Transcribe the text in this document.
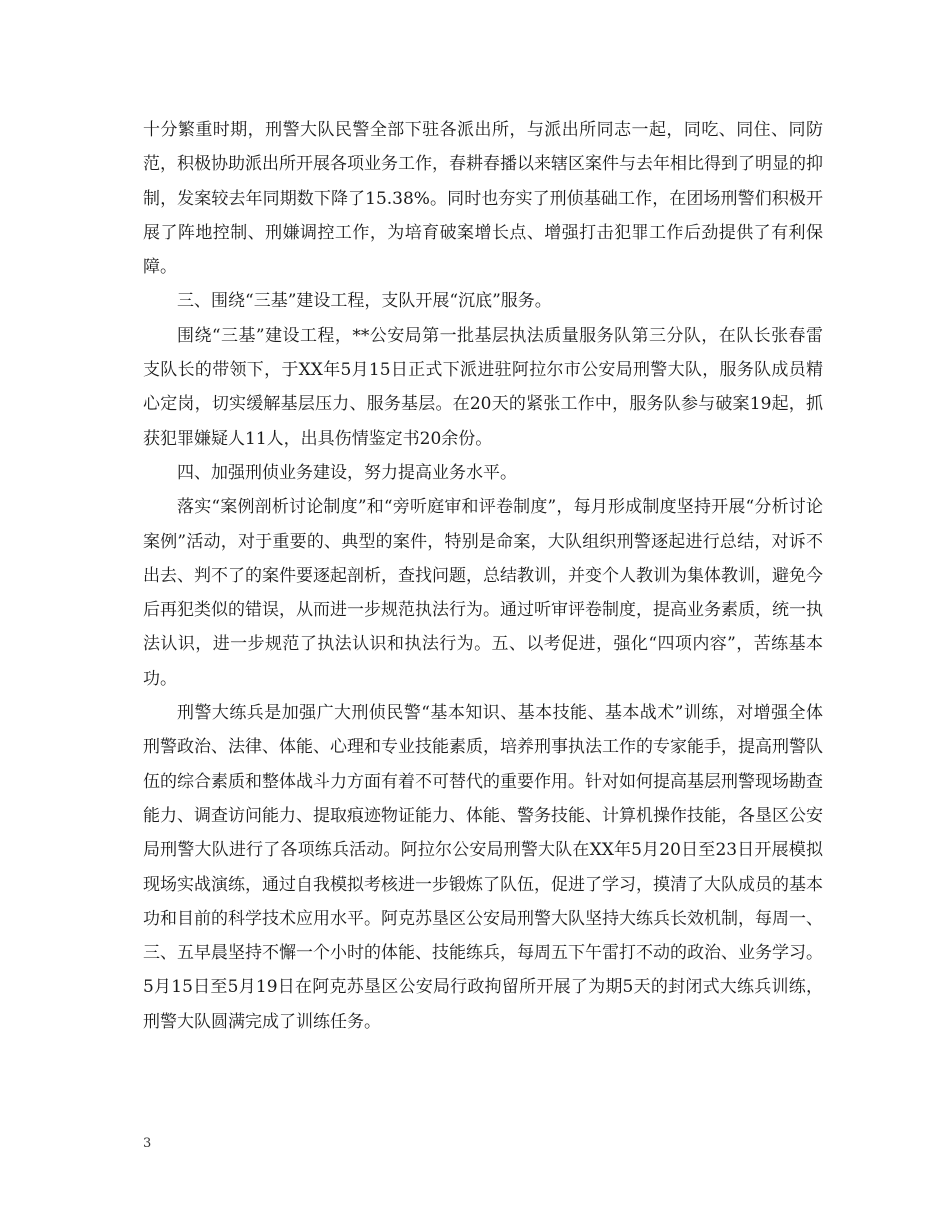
十分繁重时期，刑警大队民警全部下驻各派出所，与派出所同志一起，同吃、同住、同防范，积极协助派出所开展各项业务工作，春耕春播以来辖区案件与去年相比得到了明显的抑制，发案较去年同期数下降了15.38%。同时也夯实了刑侦基础工作，在团场刑警们积极开展了阵地控制、刑嫌调控工作，为培育破案增长点、增强打击犯罪工作后劲提供了有利保障。

三、围绕“三基”建设工程，支队开展“沉底”服务。

围绕“三基”建设工程，**公安局第一批基层执法质量服务队第三分队，在队长张春雷支队长的带领下，于XX年5月15日正式下派进驻阿拉尔市公安局刑警大队，服务队成员精心定岗，切实缓解基层压力、服务基层。在20天的紧张工作中，服务队参与破案19起，抓获犯罪嫌疑人11人，出具伤情鉴定书20余份。

四、加强刑侦业务建设，努力提高业务水平。

落实“案例剖析讨论制度”和“旁听庭审和评卷制度”，每月形成制度坚持开展“分析讨论案例”活动，对于重要的、典型的案件，特别是命案，大队组织刑警逐起进行总结，对诉不出去、判不了的案件要逐起剖析，查找问题，总结教训，并变个人教训为集体教训，避免今后再犯类似的错误，从而进一步规范执法行为。通过听审评卷制度，提高业务素质，统一执法认识，进一步规范了执法认识和执法行为。五、以考促进，强化“四项内容”，苦练基本功。

刑警大练兵是加强广大刑侦民警“基本知识、基本技能、基本战术”训练，对增强全体刑警政治、法律、体能、心理和专业技能素质，培养刑事执法工作的专家能手，提高刑警队伍的综合素质和整体战斗力方面有着不可替代的重要作用。针对如何提高基层刑警现场勘查能力、调查访问能力、提取痕迹物证能力、体能、警务技能、计算机操作技能，各垦区公安局刑警大队进行了各项练兵活动。阿拉尔公安局刑警大队在XX年5月20日至23日开展模拟现场实战演练，通过自我模拟考核进一步锻炼了队伍，促进了学习，摸清了大队成员的基本功和目前的科学技术应用水平。阿克苏垦区公安局刑警大队坚持大练兵长效机制，每周一、三、五早晨坚持不懈一个小时的体能、技能练兵，每周五下午雷打不动的政治、业务学习。5月15日至5月19日在阿克苏垦区公安局行政拘留所开展了为期5天的封闭式大练兵训练，刑警大队圆满完成了训练任务。

3
